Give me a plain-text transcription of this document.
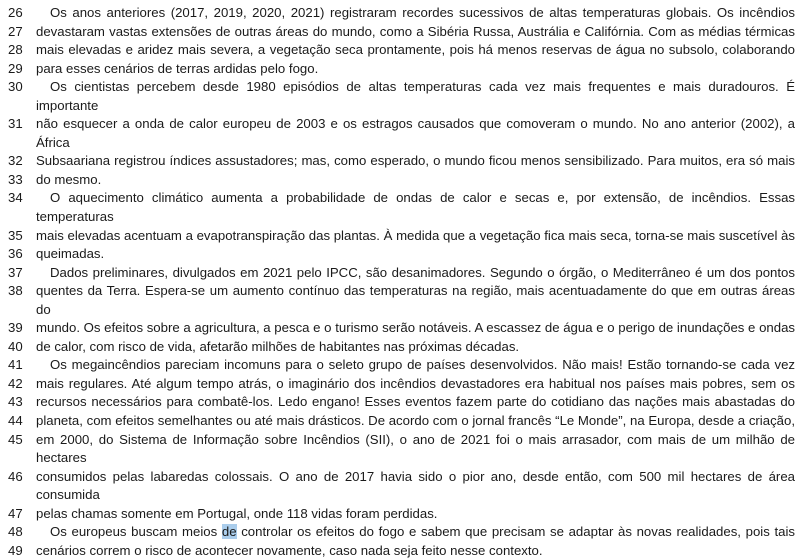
26	Os anos anteriores (2017, 2019, 2020, 2021) registraram recordes sucessivos de altas temperaturas globais. Os incêndios
27	devastaram vastas extensões de outras áreas do mundo, como a Sibéria Russa, Austrália e Califórnia. Com as médias térmicas
28	mais elevadas e aridez mais severa, a vegetação seca prontamente, pois há menos reservas de água no subsolo, colaborando
29	para esses cenários de terras ardidas pelo fogo.
30	Os cientistas percebem desde 1980 episódios de altas temperaturas cada vez mais frequentes e mais duradouros. É importante
31	não esquecer a onda de calor europeu de 2003 e os estragos causados que comoveram o mundo. No ano anterior (2002), a África
32	Subsaariana registrou índices assustadores; mas, como esperado, o mundo ficou menos sensibilizado. Para muitos, era só mais
33	do mesmo.
34	O aquecimento climático aumenta a probabilidade de ondas de calor e secas e, por extensão, de incêndios. Essas temperaturas
35	mais elevadas acentuam a evapotranspiração das plantas. À medida que a vegetação fica mais seca, torna-se mais suscetível às
36	queimadas.
37	Dados preliminares, divulgados em 2021 pelo IPCC, são desanimadores. Segundo o órgão, o Mediterrâneo é um dos pontos
38	quentes da Terra. Espera-se um aumento contínuo das temperaturas na região, mais acentuadamente do que em outras áreas do
39	mundo. Os efeitos sobre a agricultura, a pesca e o turismo serão notáveis. A escassez de água e o perigo de inundações e ondas
40	de calor, com risco de vida, afetarão milhões de habitantes nas próximas décadas.
41	Os megaincêndios pareciam incomuns para o seleto grupo de países desenvolvidos. Não mais! Estão tornando-se cada vez
42	mais regulares. Até algum tempo atrás, o imaginário dos incêndios devastadores era habitual nos países mais pobres, sem os
43	recursos necessários para combatê-los. Ledo engano! Esses eventos fazem parte do cotidiano das nações mais abastadas do
44	planeta, com efeitos semelhantes ou até mais drásticos. De acordo com o jornal francês “Le Monde”, na Europa, desde a criação,
45	em 2000, do Sistema de Informação sobre Incêndios (SII), o ano de 2021 foi o mais arrasador, com mais de um milhão de hectares
46	consumidos pelas labaredas colossais. O ano de 2017 havia sido o pior ano, desde então, com 500 mil hectares de área consumida
47	pelas chamas somente em Portugal, onde 118 vidas foram perdidas.
48	Os europeus buscam meios de controlar os efeitos do fogo e sabem que precisam se adaptar às novas realidades, pois tais
49	cenários correm o risco de acontecer novamente, caso nada seja feito nesse contexto.
